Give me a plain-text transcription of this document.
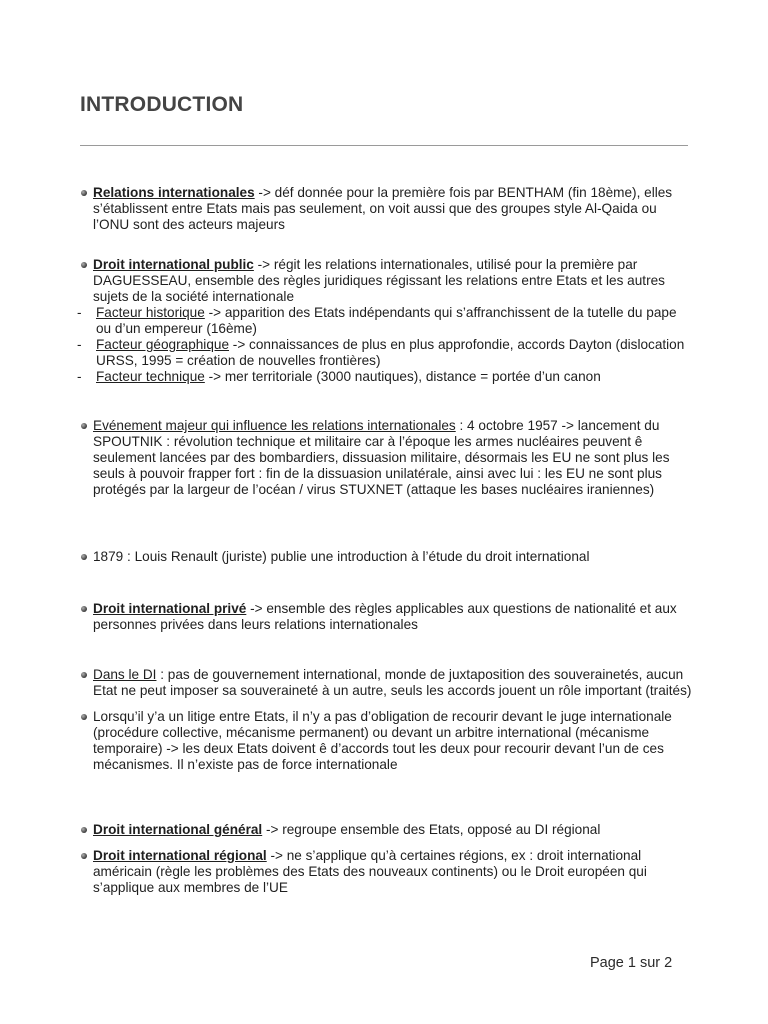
INTRODUCTION

Relations internationales -> déf donnée pour la première fois par BENTHAM (fin 18ème), elles s’établissent entre Etats mais pas seulement, on voit aussi que des groupes style Al-Qaida ou l’ONU sont des acteurs majeurs

Droit international public -> régit les relations internationales, utilisé pour la première par DAGUESSEAU, ensemble des règles juridiques régissant les relations entre Etats et les autres sujets de la société internationale

- Facteur historique -> apparition des Etats indépendants qui s’affranchissent de la tutelle du pape ou d’un empereur (16ème)

- Facteur géographique -> connaissances de plus en plus approfondie, accords Dayton (dislocation URSS, 1995 = création de nouvelles frontières)

- Facteur technique -> mer territoriale (3000 nautiques), distance = portée d’un canon

Evénement majeur qui influence les relations internationales : 4 octobre 1957 -> lancement du SPOUTNIK : révolution technique et militaire car à l’époque les armes nucléaires peuvent ê seulement lancées par des bombardiers, dissuasion militaire, désormais les EU ne sont plus les seuls à pouvoir frapper fort : fin de la dissuasion unilatérale, ainsi avec lui : les EU ne sont plus protégés par la largeur de l’océan / virus STUXNET (attaque les bases nucléaires iraniennes)

1879 : Louis Renault (juriste) publie une introduction à l’étude du droit international

Droit international privé -> ensemble des règles applicables aux questions de nationalité et aux personnes privées dans leurs relations internationales

Dans le DI : pas de gouvernement international, monde de juxtaposition des souverainetés, aucun Etat ne peut imposer sa souveraineté à un autre, seuls les accords jouent un rôle important (traités)

Lorsqu’il y’a un litige entre Etats, il n’y a pas d’obligation de recourir devant le juge internationale (procédure collective, mécanisme permanent) ou devant un arbitre international (mécanisme temporaire) -> les deux Etats doivent ê d’accords tout les deux pour recourir devant l’un de ces mécanismes. Il n’existe pas de force internationale

Droit international général -> regroupe ensemble des Etats, opposé au DI régional

Droit international régional -> ne s’applique qu’à certaines régions, ex : droit international américain (règle les problèmes des Etats des nouveaux continents) ou le Droit européen qui s’applique aux membres de l’UE

Page 1 sur 2
